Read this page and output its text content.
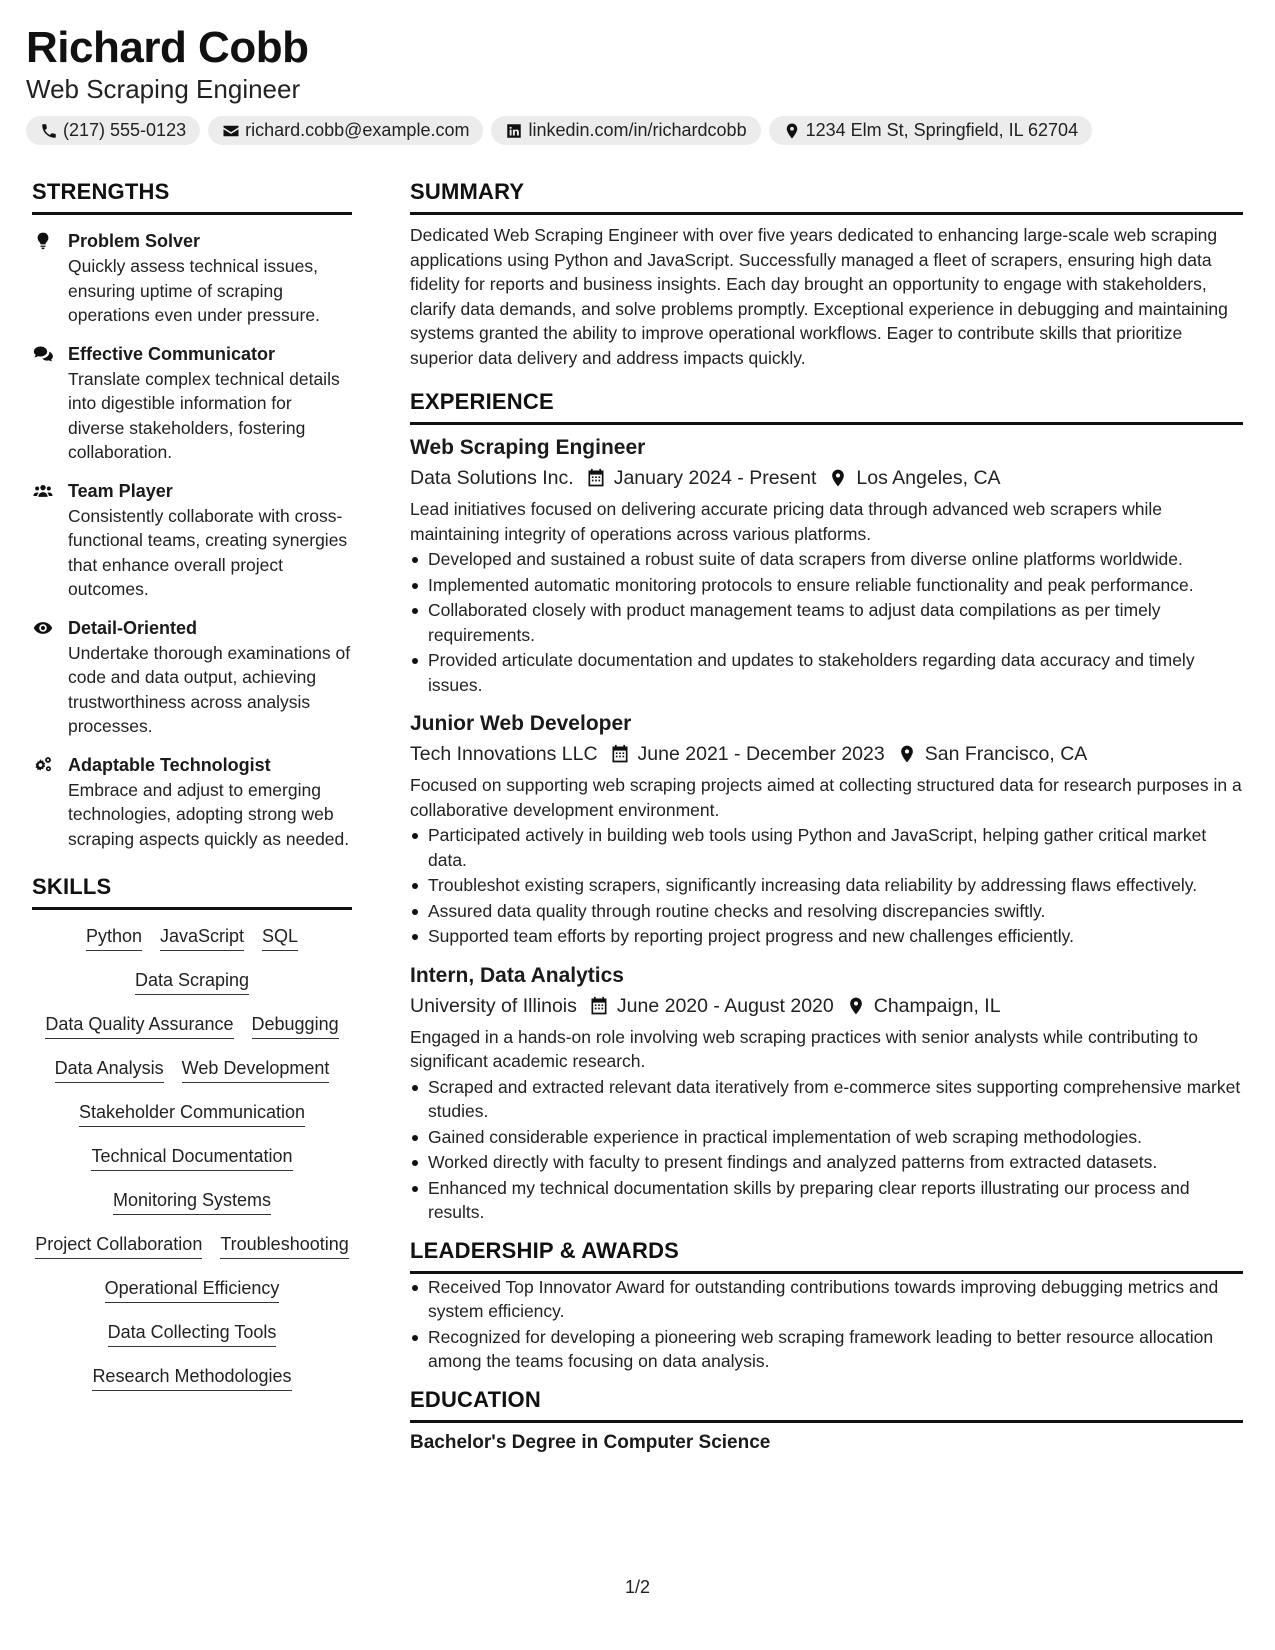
Richard Cobb
Web Scraping Engineer
(217) 555-0123	richard.cobb@example.com	linkedin.com/in/richardcobb	1234 Elm St, Springfield, IL 62704
STRENGTHS
Problem Solver
Quickly assess technical issues, ensuring uptime of scraping operations even under pressure.
Effective Communicator
Translate complex technical details into digestible information for diverse stakeholders, fostering collaboration.
Team Player
Consistently collaborate with cross-functional teams, creating synergies that enhance overall project outcomes.
Detail-Oriented
Undertake thorough examinations of code and data output, achieving trustworthiness across analysis processes.
Adaptable Technologist
Embrace and adjust to emerging technologies, adopting strong web scraping aspects quickly as needed.
SKILLS
Python JavaScript SQL
Data Scraping
Data Quality Assurance Debugging
Data Analysis Web Development
Stakeholder Communication
Technical Documentation
Monitoring Systems
Project Collaboration Troubleshooting
Operational Efficiency
Data Collecting Tools
Research Methodologies
SUMMARY

Dedicated Web Scraping Engineer with over five years dedicated to enhancing large-scale web scraping applications using Python and JavaScript. Successfully managed a fleet of scrapers, ensuring high data fidelity for reports and business insights. Each day brought an opportunity to engage with stakeholders, clarify data demands, and solve problems promptly. Exceptional experience in debugging and maintaining systems granted the ability to improve operational workflows. Eager to contribute skills that prioritize superior data delivery and address impacts quickly.

EXPERIENCE
Web Scraping Engineer
Data Solutions Inc. January 2024 - Present Los Angeles, CA

Lead initiatives focused on delivering accurate pricing data through advanced web scrapers while maintaining integrity of operations across various platforms.

Developed and sustained a robust suite of data scrapers from diverse online platforms worldwide.
Implemented automatic monitoring protocols to ensure reliable functionality and peak performance.
Collaborated closely with product management teams to adjust data compilations as per timely requirements.
Provided articulate documentation and updates to stakeholders regarding data accuracy and timely issues.
Junior Web Developer
Tech Innovations LLC June 2021 - December 2023 San Francisco, CA

Focused on supporting web scraping projects aimed at collecting structured data for research purposes in a collaborative development environment.

Participated actively in building web tools using Python and JavaScript, helping gather critical market data.
Troubleshot existing scrapers, significantly increasing data reliability by addressing flaws effectively.
Assured data quality through routine checks and resolving discrepancies swiftly.
Supported team efforts by reporting project progress and new challenges efficiently.
Intern, Data Analytics
University of Illinois June 2020 - August 2020 Champaign, IL

Engaged in a hands-on role involving web scraping practices with senior analysts while contributing to significant academic research.

Scraped and extracted relevant data iteratively from e-commerce sites supporting comprehensive market studies.
Gained considerable experience in practical implementation of web scraping methodologies.
Worked directly with faculty to present findings and analyzed patterns from extracted datasets.
Enhanced my technical documentation skills by preparing clear reports illustrating our process and results.
LEADERSHIP & AWARDS
Received Top Innovator Award for outstanding contributions towards improving debugging metrics and system efficiency.
Recognized for developing a pioneering web scraping framework leading to better resource allocation among the teams focusing on data analysis.
EDUCATION
Bachelor's Degree in Computer Science
1/2
